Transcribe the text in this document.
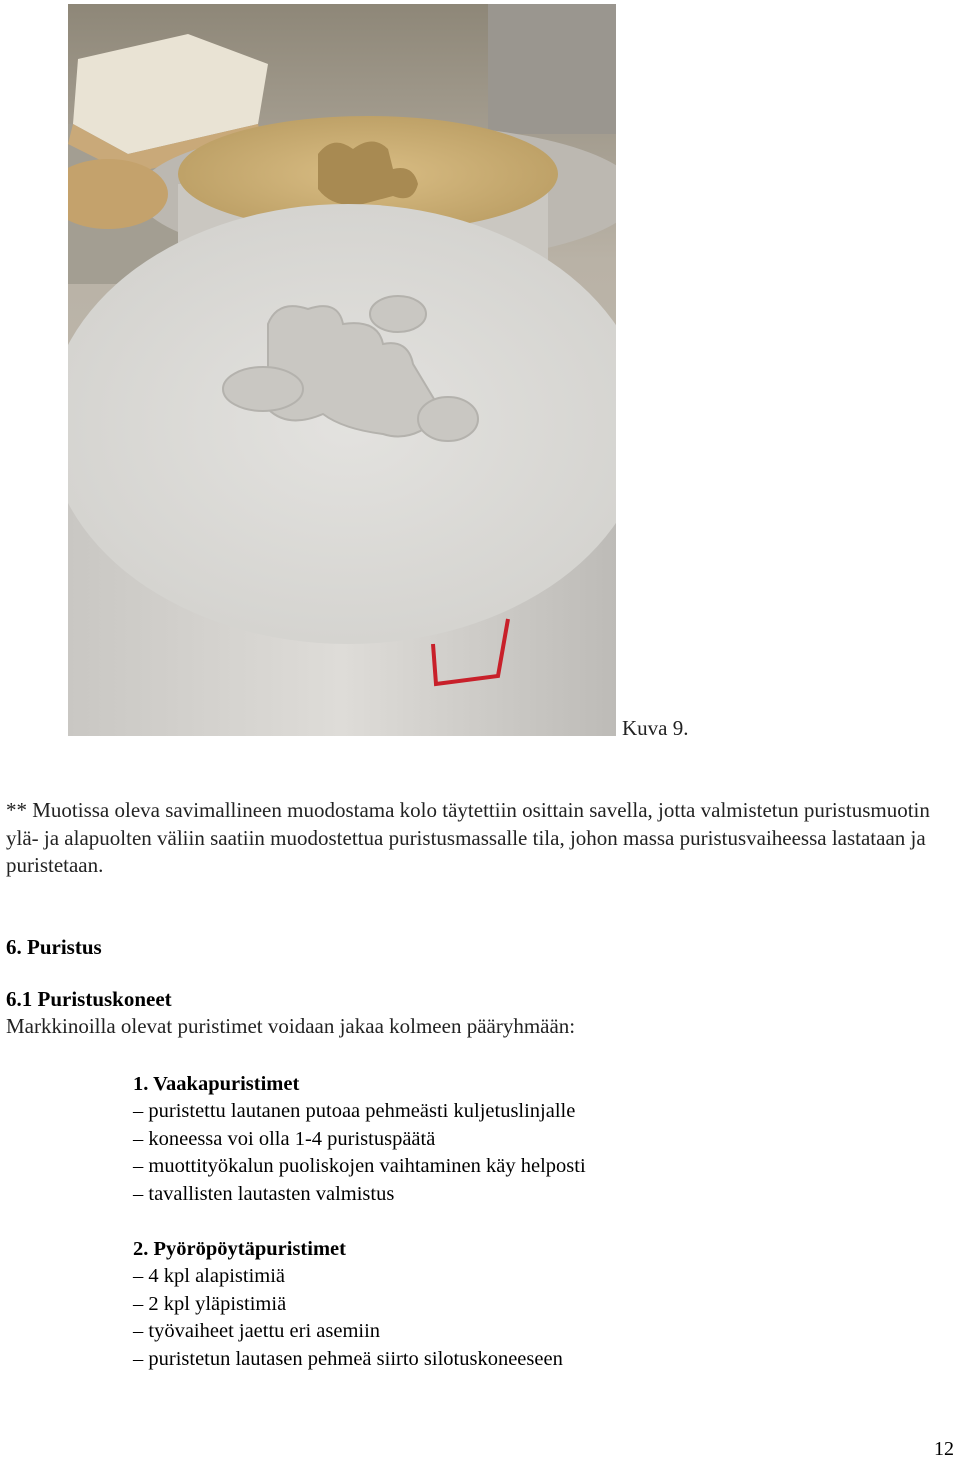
Kuva 9.
** Muotissa oleva savimallineen muodostama kolo täytettiin osittain savella, jotta valmistetun puristusmuotin ylä- ja alapuolten väliin saatiin muodostettua puristusmassalle tila, johon massa puristusvaiheessa lastataan ja puristetaan.
6. Puristus
6.1 Puristuskoneet
Markkinoilla olevat puristimet voidaan jakaa kolmeen pääryhmään:
1. Vaakapuristimet
– puristettu lautanen putoaa pehmeästi kuljetuslinjalle
– koneessa voi olla 1-4 puristuspäätä
– muottityökalun puoliskojen vaihtaminen käy helposti
– tavallisten lautasten valmistus
2. Pyöröpöytäpuristimet
– 4 kpl alapistimiä
– 2 kpl yläpistimiä
– työvaiheet jaettu eri asemiin
– puristetun lautasen pehmeä siirto silotuskoneeseen
12
